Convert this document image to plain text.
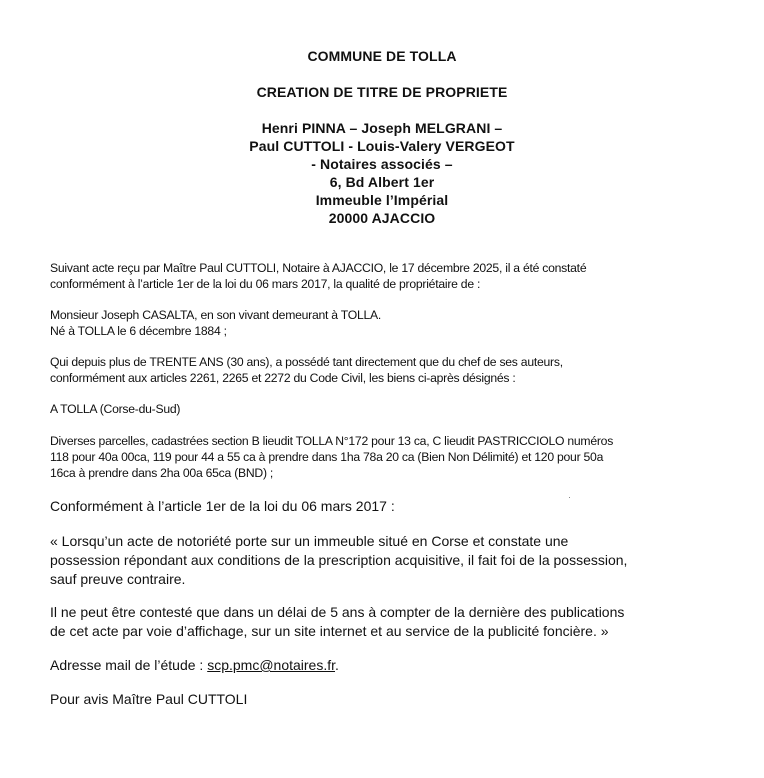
COMMUNE DE TOLLA
CREATION DE TITRE DE PROPRIETE
Henri PINNA – Joseph MELGRANI –
Paul CUTTOLI - Louis-Valery VERGEOT
- Notaires associés –
6, Bd Albert 1er
Immeuble l’Impérial
20000 AJACCIO
Suivant acte reçu par Maître Paul CUTTOLI, Notaire à AJACCIO, le 17 décembre 2025, il a été constaté
conformément à l’article 1er de la loi du 06 mars 2017, la qualité de propriétaire de :
Monsieur Joseph CASALTA, en son vivant demeurant à TOLLA.
Né à TOLLA le 6 décembre 1884 ;
Qui depuis plus de TRENTE ANS (30 ans), a possédé tant directement que du chef de ses auteurs,
conformément aux articles 2261, 2265 et 2272 du Code Civil, les biens ci-après désignés :
A TOLLA (Corse-du-Sud)
Diverses parcelles, cadastrées section B lieudit TOLLA N°172 pour 13 ca, C lieudit PASTRICCIOLO numéros
118 pour 40a 00ca, 119 pour 44 a 55 ca à prendre dans 1ha 78a 20 ca (Bien Non Délimité) et 120 pour 50a
16ca à prendre dans 2ha 00a 65ca (BND) ;
Conformément à l’article 1er de la loi du 06 mars 2017 :
« Lorsqu’un acte de notoriété porte sur un immeuble situé en Corse et constate une
possession répondant aux conditions de la prescription acquisitive, il fait foi de la possession,
sauf preuve contraire.
Il ne peut être contesté que dans un délai de 5 ans à compter de la dernière des publications
de cet acte par voie d’affichage, sur un site internet et au service de la publicité foncière. »
Adresse mail de l’étude : scp.pmc@notaires.fr.
Pour avis Maître Paul CUTTOLI
